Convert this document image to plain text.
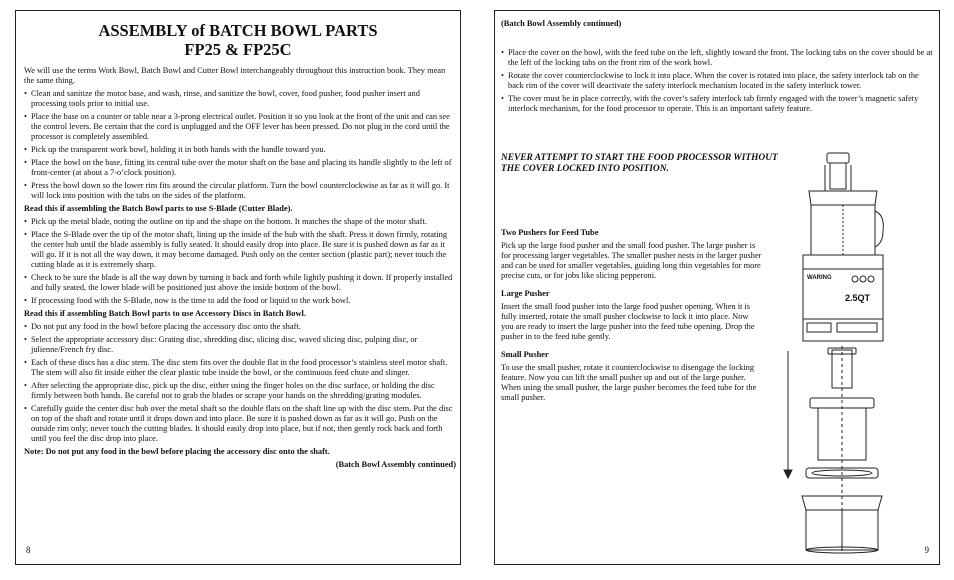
ASSEMBLY of BATCH BOWL PARTS
FP25 & FP25C

We will use the terms Work Bowl, Batch Bowl and Cutter Bowl interchangeably throughout this instruction book. They mean the same thing.

• Clean and sanitize the motor base, and wash, rinse, and sanitize the bowl, cover, food pusher, food pusher insert and processing tools prior to initial use.
• Place the base on a counter or table near a 3-prong electrical outlet. Position it so you look at the front of the unit and can see the control levers. Be certain that the cord is unplugged and the OFF lever has been pressed. Do not plug in the cord until the processor is completely assembled.
• Pick up the transparent work bowl, holding it in both hands with the handle toward you.
• Place the bowl on the base, fitting its central tube over the motor shaft on the base and placing its handle slightly to the left of front-center (at about a 7-o’clock position).
• Press the bowl down so the lower rim fits around the circular platform. Turn the bowl counterclockwise as far as it will go. It will lock into position with the tabs on the sides of the platform.

Read this if assembling the Batch Bowl parts to use S-Blade (Cutter Blade).

• Pick up the metal blade, noting the outline on tip and the shape on the bottom. It matches the shape of the motor shaft.
• Place the S-Blade over the tip of the motor shaft, lining up the inside of the hub with the shaft. Press it down firmly, rotating the center hub until the blade assembly is fully seated. It should easily drop into place. Be sure it is pushed down as far as it will go. If it is not all the way down, it may become damaged. Push only on the center section (plastic part); never touch the cutting blade as it is extremely sharp.
• Check to be sure the blade is all the way down by turning it back and forth while lightly pushing it down. If properly installed and fully seated, the lower blade will be positioned just above the inside bottom of the bowl.
• If processing food with the S-Blade, now is the time to add the food or liquid to the work bowl.

Read this if assembling Batch Bowl parts to use Accessory Discs in Batch Bowl.

• Do not put any food in the bowl before placing the accessory disc onto the shaft.
• Select the appropriate accessory disc: Grating disc, shredding disc, slicing disc, waved slicing disc, pulping disc, or julienne/French fry disc.
• Each of these discs has a disc stem. The disc stem fits over the double flat in the food processor’s stainless steel motor shaft. The stem will also fit inside either the clear plastic tube inside the bowl, or the continuous feed chute and slinger.
• After selecting the appropriate disc, pick up the disc, either using the finger holes on the disc surface, or holding the disc firmly between both hands. Be careful not to grab the blades or scrape your hands on the shredding/grating modules.
• Carefully guide the center disc hub over the metal shaft so the double flats on the shaft line up with the disc stem. Put the disc on top of the shaft and rotate until it drops down and into place. Be sure it is pushed down as far as it will go. Push on the outside rim only; never touch the cutting blades. It should easily drop into place, but if not, then gently rock back and forth until you feel the disc drop into place.

Note: Do not put any food in the bowl before placing the accessory disc onto the shaft.

(Batch Bowl Assembly continued)
8
(Batch Bowl Assembly continued)
• Place the cover on the bowl, with the feed tube on the left, slightly toward the front. The locking tabs on the cover should be at the left of the locking tabs on the front rim of the work bowl.
• Rotate the cover counterclockwise to lock it into place. When the cover is rotated into place, the safety interlock tab on the back rim of the cover will deactivate the safety interlock mechanism located in the safety interlock tower.
• The cover must be in place correctly, with the cover’s safety interlock tab firmly engaged with the tower’s magnetic safety interlock mechanism, for the food processor to operate. This is an important safety feature.
NEVER ATTEMPT TO START THE FOOD PROCESSOR WITHOUT THE COVER LOCKED INTO POSITION.
Two Pushers for Feed Tube

Pick up the large food pusher and the small food pusher. The large pusher is for processing larger vegetables. The smaller pusher nests in the larger pusher and can be used for smaller vegetables, guiding long thin vegetables for more precise cuts, or for jobs like slicing pepperoni.

Large Pusher

Insert the small food pusher into the large food pusher opening. When it is fully inserted, rotate the small pusher clockwise to lock it into place. Now you are ready to insert the large pusher into the feed tube opening. Drop the pusher in to the feed tube gently.

Small Pusher

To use the small pusher, rotate it counterclockwise to disengage the locking feature. Now you can lift the small pusher up and out of the large pusher. When using the small pusher, the large pusher becomes the feed tube for the small pusher.

WARING
2.5QT
9
